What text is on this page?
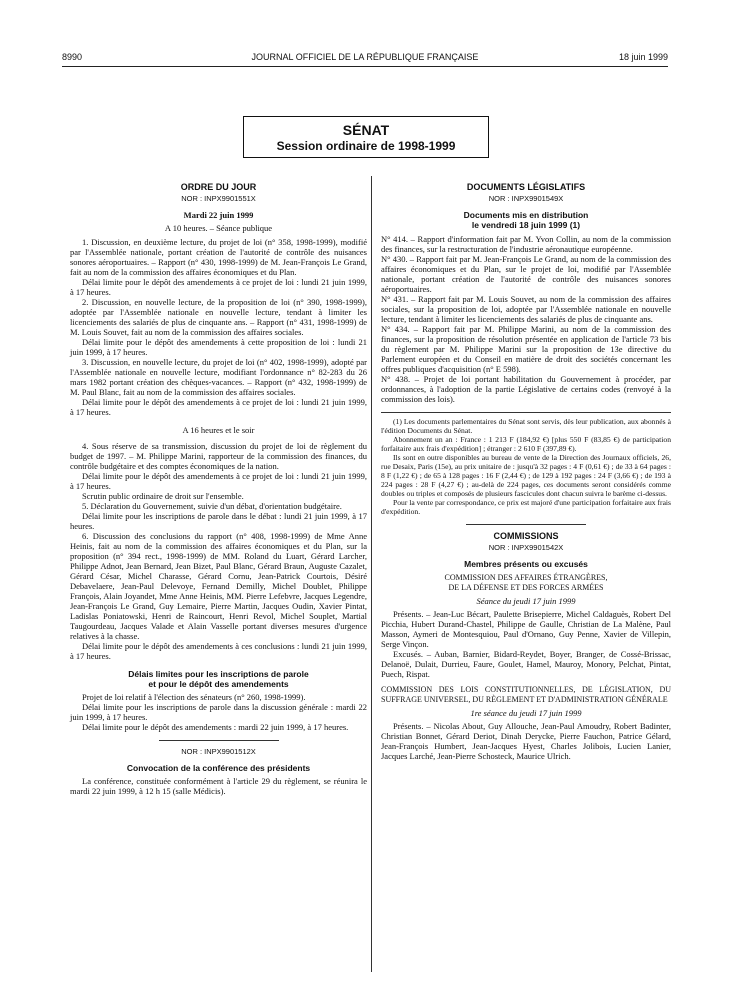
8990	JOURNAL OFFICIEL DE LA RÉPUBLIQUE FRANÇAISE	18 juin 1999
SÉNAT
Session ordinaire de 1998-1999
ORDRE DU JOUR
NOR : INPX9901551X
Mardi 22 juin 1999
A 10 heures. – Séance publique

1. Discussion, en deuxième lecture, du projet de loi (n° 358, 1998-1999), modifié par l'Assemblée nationale, portant création de l'autorité de contrôle des nuisances sonores aéroportuaires. – Rapport (n° 430, 1998-1999) de M. Jean-François Le Grand, fait au nom de la commission des affaires économiques et du Plan.

Délai limite pour le dépôt des amendements à ce projet de loi : lundi 21 juin 1999, à 17 heures.

2. Discussion, en nouvelle lecture, de la proposition de loi (n° 390, 1998-1999), adoptée par l'Assemblée nationale en nouvelle lecture, tendant à limiter les licenciements des salariés de plus de cinquante ans. – Rapport (n° 431, 1998-1999) de M. Louis Souvet, fait au nom de la commission des affaires sociales.

Délai limite pour le dépôt des amendements à cette proposition de loi : lundi 21 juin 1999, à 17 heures.

3. Discussion, en nouvelle lecture, du projet de loi (n° 402, 1998-1999), adopté par l'Assemblée nationale en nouvelle lecture, modifiant l'ordonnance n° 82-283 du 26 mars 1982 portant création des chèques-vacances. – Rapport (n° 432, 1998-1999) de M. Paul Blanc, fait au nom de la commission des affaires sociales.

Délai limite pour le dépôt des amendements à ce projet de loi : lundi 21 juin 1999, à 17 heures.

A 16 heures et le soir

4. Sous réserve de sa transmission, discussion du projet de loi de règlement du budget de 1997. – M. Philippe Marini, rapporteur de la commission des finances, du contrôle budgétaire et des comptes économiques de la nation.

Délai limite pour le dépôt des amendements à ce projet de loi : lundi 21 juin 1999, à 17 heures.

Scrutin public ordinaire de droit sur l'ensemble.

5. Déclaration du Gouvernement, suivie d'un débat, d'orientation budgétaire.

Délai limite pour les inscriptions de parole dans le débat : lundi 21 juin 1999, à 17 heures.

6. Discussion des conclusions du rapport (n° 408, 1998-1999) de Mme Anne Heinis, fait au nom de la commission des affaires économiques et du Plan, sur la proposition (n° 394 rect., 1998-1999) de MM. Roland du Luart, Gérard Larcher, Philippe Adnot, Jean Bernard, Jean Bizet, Paul Blanc, Gérard Braun, Auguste Cazalet, Gérard César, Michel Charasse, Gérard Cornu, Jean-Patrick Courtois, Désiré Debavelaere, Jean-Paul Delevoye, Fernand Demilly, Michel Doublet, Philippe François, Alain Joyandet, Mme Anne Heinis, MM. Pierre Lefebvre, Jacques Legendre, Jean-François Le Grand, Guy Lemaire, Pierre Martin, Jacques Oudin, Xavier Pintat, Ladislas Poniatowski, Henri de Raincourt, Henri Revol, Michel Souplet, Martial Taugourdeau, Jacques Valade et Alain Vasselle portant diverses mesures d'urgence relatives à la chasse.

Délai limite pour le dépôt des amendements à ces conclusions : lundi 21 juin 1999, à 17 heures.

Délais limites pour les inscriptions de parole
et pour le dépôt des amendements

Projet de loi relatif à l'élection des sénateurs (n° 260, 1998-1999).

Délai limite pour les inscriptions de parole dans la discussion générale : mardi 22 juin 1999, à 17 heures.

Délai limite pour le dépôt des amendements : mardi 22 juin 1999, à 17 heures.

NOR : INPX9901512X
Convocation de la conférence des présidents

La conférence, constituée conformément à l'article 29 du règlement, se réunira le mardi 22 juin 1999, à 12 h 15 (salle Médicis).

DOCUMENTS LÉGISLATIFS
NOR : INPX9901549X
Documents mis en distribution
le vendredi 18 juin 1999 (1)
N° 414. – Rapport d'information fait par M. Yvon Collin, au nom de la commission des finances, sur la restructuration de l'industrie aéronautique européenne.
N° 430. – Rapport fait par M. Jean-François Le Grand, au nom de la commission des affaires économiques et du Plan, sur le projet de loi, modifié par l'Assemblée nationale, portant création de l'autorité de contrôle des nuisances sonores aéroportuaires.
N° 431. – Rapport fait par M. Louis Souvet, au nom de la commission des affaires sociales, sur la proposition de loi, adoptée par l'Assemblée nationale en nouvelle lecture, tendant à limiter les licenciements des salariés de plus de cinquante ans.
N° 434. – Rapport fait par M. Philippe Marini, au nom de la commission des finances, sur la proposition de résolution présentée en application de l'article 73 bis du règlement par M. Philippe Marini sur la proposition de 13e directive du Parlement européen et du Conseil en matière de droit des sociétés concernant les offres publiques d'acquisition (n° E 598).
N° 438. – Projet de loi portant habilitation du Gouvernement à procéder, par ordonnances, à l'adoption de la partie Législative de certains codes (renvoyé à la commission des lois).

(1) Les documents parlementaires du Sénat sont servis, dès leur publication, aux abonnés à l'édition Documents du Sénat.

Abonnement un an : France : 1 213 F (184,92 €) [plus 550 F (83,85 €) de participation forfaitaire aux frais d'expédition] ; étranger : 2 610 F (397,89 €).

Ils sont en outre disponibles au bureau de vente de la Direction des Journaux officiels, 26, rue Desaix, Paris (15e), au prix unitaire de : jusqu'à 32 pages : 4 F (0,61 €) ; de 33 à 64 pages : 8 F (1,22 €) ; de 65 à 128 pages : 16 F (2,44 €) ; de 129 à 192 pages : 24 F (3,66 €) ; de 193 à 224 pages : 28 F (4,27 €) ; au-delà de 224 pages, ces documents seront considérés comme doubles ou triples et composés de plusieurs fascicules dont chacun suivra le barème ci-dessus.

Pour la vente par correspondance, ce prix est majoré d'une participation forfaitaire aux frais d'expédition.

COMMISSIONS
NOR : INPX9901542X
Membres présents ou excusés
COMMISSION DES AFFAIRES ÉTRANGÈRES,
DE LA DÉFENSE ET DES FORCES ARMÉES
Séance du jeudi 17 juin 1999

Présents. – Jean-Luc Bécart, Paulette Brisepierre, Michel Caldaguès, Robert Del Picchia, Hubert Durand-Chastel, Philippe de Gaulle, Christian de La Malène, Paul Masson, Aymeri de Montesquiou, Paul d'Ornano, Guy Penne, Xavier de Villepin, Serge Vinçon.

Excusés. – Auban, Barnier, Bidard-Reydet, Boyer, Branger, de Cossé-Brissac, Delanoë, Dulait, Durrieu, Faure, Goulet, Hamel, Mauroy, Monory, Pelchat, Pintat, Puech, Rispat.

COMMISSION DES LOIS CONSTITUTIONNELLES, DE LÉGISLATION, DU SUFFRAGE UNIVERSEL, DU RÈGLEMENT ET D'ADMINISTRATION GÉNÉRALE
1re séance du jeudi 17 juin 1999

Présents. – Nicolas About, Guy Allouche, Jean-Paul Amoudry, Robert Badinter, Christian Bonnet, Gérard Deriot, Dinah Derycke, Pierre Fauchon, Patrice Gélard, Jean-François Humbert, Jean-Jacques Hyest, Charles Jolibois, Lucien Lanier, Jacques Larché, Jean-Pierre Schosteck, Maurice Ulrich.
